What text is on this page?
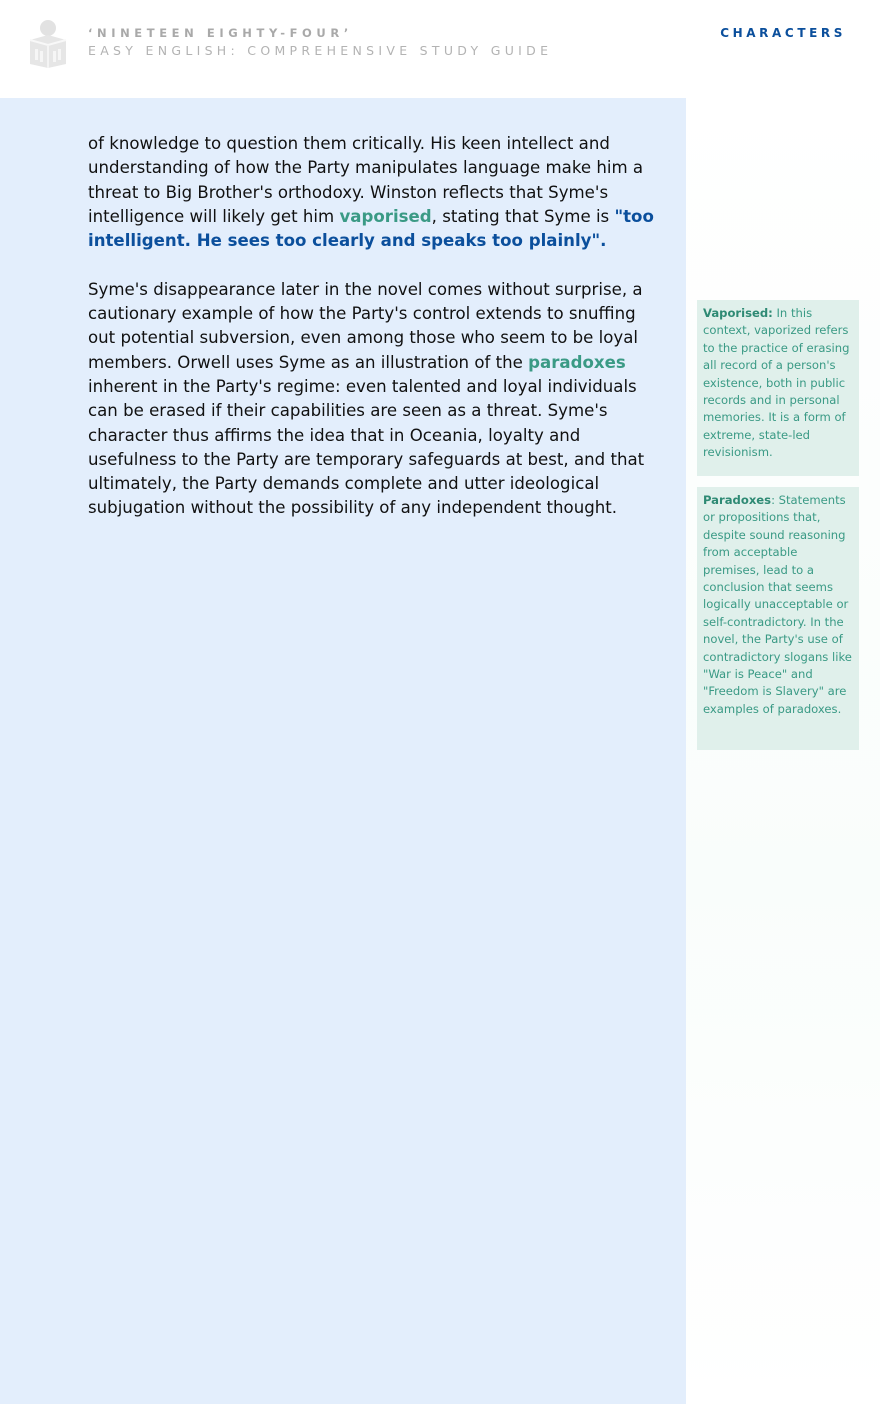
‘NINETEEN EIGHTY-FOUR’
EASY ENGLISH: COMPREHENSIVE STUDY GUIDE
CHARACTERS

of knowledge to question them critically. His keen intellect and understanding of how the Party manipulates language make him a threat to Big Brother's orthodoxy. Winston reflects that Syme's intelligence will likely get him vaporised, stating that Syme is "too intelligent. He sees too clearly and speaks too plainly".

Syme's disappearance later in the novel comes without surprise, a cautionary example of how the Party's control extends to snuffing out potential subversion, even among those who seem to be loyal members. Orwell uses Syme as an illustration of the paradoxes inherent in the Party's regime: even talented and loyal individuals can be erased if their capabilities are seen as a threat. Syme's character thus affirms the idea that in Oceania, loyalty and usefulness to the Party are temporary safeguards at best, and that ultimately, the Party demands complete and utter ideological subjugation without the possibility of any independent thought.

Vaporised: In this context, vaporized refers to the practice of erasing all record of a person's existence, both in public records and in personal memories. It is a form of extreme, state-led revisionism.
Paradoxes: Statements or propositions that, despite sound reasoning from acceptable premises, lead to a conclusion that seems logically unacceptable or self-contradictory. In the novel, the Party's use of contradictory slogans like "War is Peace" and "Freedom is Slavery" are examples of paradoxes.
